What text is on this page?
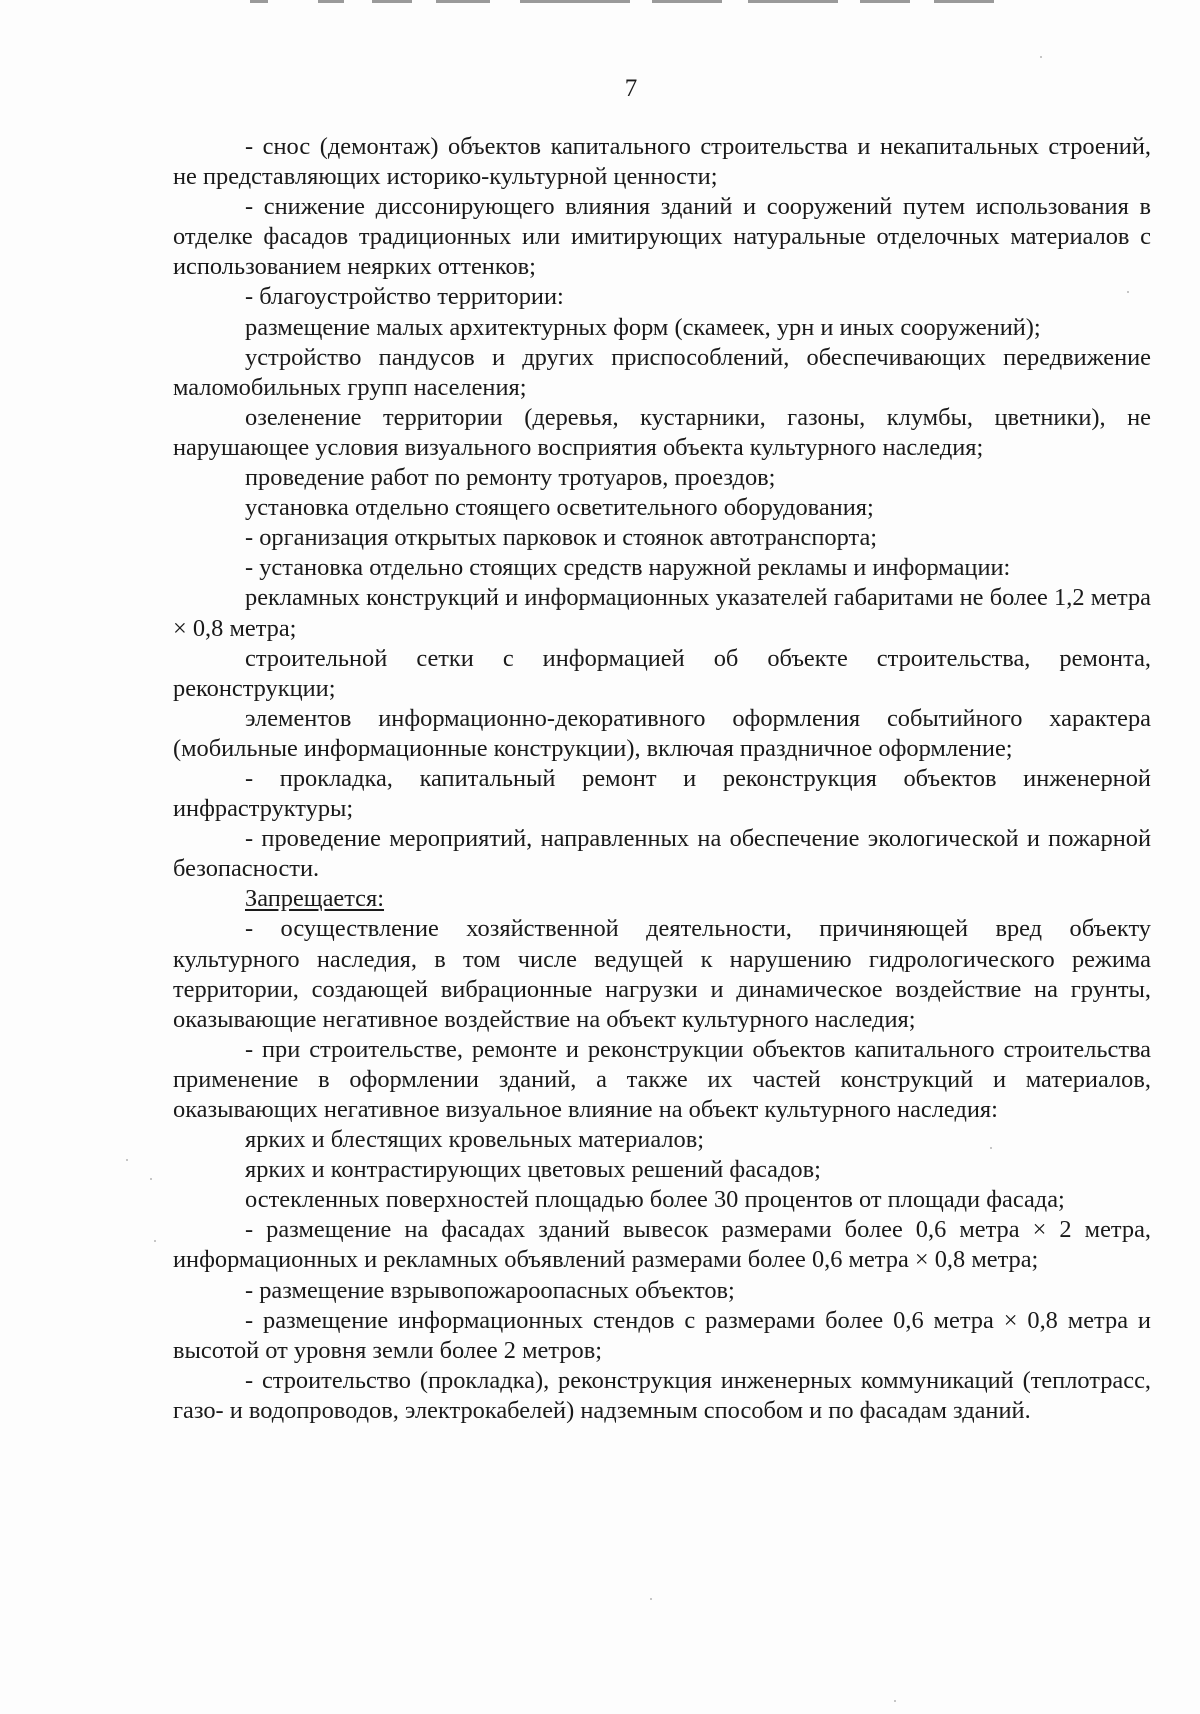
7

- снос (демонтаж) объектов капитального строительства и некапитальных строений, не представляющих историко-культурной ценности;

- снижение диссонирующего влияния зданий и сооружений путем использования в отделке фасадов традиционных или имитирующих натуральные отделочных материалов с использованием неярких оттенков;

- благоустройство территории:

размещение малых архитектурных форм (скамеек, урн и иных сооружений);

устройство пандусов и других приспособлений, обеспечивающих передвижение маломобильных групп населения;

озеленение территории (деревья, кустарники, газоны, клумбы, цветники), не нарушающее условия визуального восприятия объекта культурного наследия;

проведение работ по ремонту тротуаров, проездов;

установка отдельно стоящего осветительного оборудования;

- организация открытых парковок и стоянок автотранспорта;

- установка отдельно стоящих средств наружной рекламы и информации:

рекламных конструкций и информационных указателей габаритами не более 1,2 метра × 0,8 метра;

строительной сетки с информацией об объекте строительства, ремонта, реконструкции;

элементов информационно-декоративного оформления событийного характера (мобильные информационные конструкции), включая праздничное оформление;

- прокладка, капитальный ремонт и реконструкция объектов инженерной инфраструктуры;

- проведение мероприятий, направленных на обеспечение экологической и пожарной безопасности.

Запрещается:

- осуществление хозяйственной деятельности, причиняющей вред объекту культурного наследия, в том числе ведущей к нарушению гидрологического режима территории, создающей вибрационные нагрузки и динамическое воздействие на грунты, оказывающие негативное воздействие на объект культурного наследия;

- при строительстве, ремонте и реконструкции объектов капитального строительства применение в оформлении зданий, а также их частей конструкций и материалов, оказывающих негативное визуальное влияние на объект культурного наследия:

ярких и блестящих кровельных материалов;

ярких и контрастирующих цветовых решений фасадов;

остекленных поверхностей площадью более 30 процентов от площади фасада;

- размещение на фасадах зданий вывесок размерами более 0,6 метра × 2 метра, информационных и рекламных объявлений размерами более 0,6 метра × 0,8 метра;

- размещение взрывопожароопасных объектов;

- размещение информационных стендов с размерами более 0,6 метра × 0,8 метра и высотой от уровня земли более 2 метров;

- строительство (прокладка), реконструкция инженерных коммуникаций (теплотрасс, газо- и водопроводов, электрокабелей) надземным способом и по фасадам зданий.
